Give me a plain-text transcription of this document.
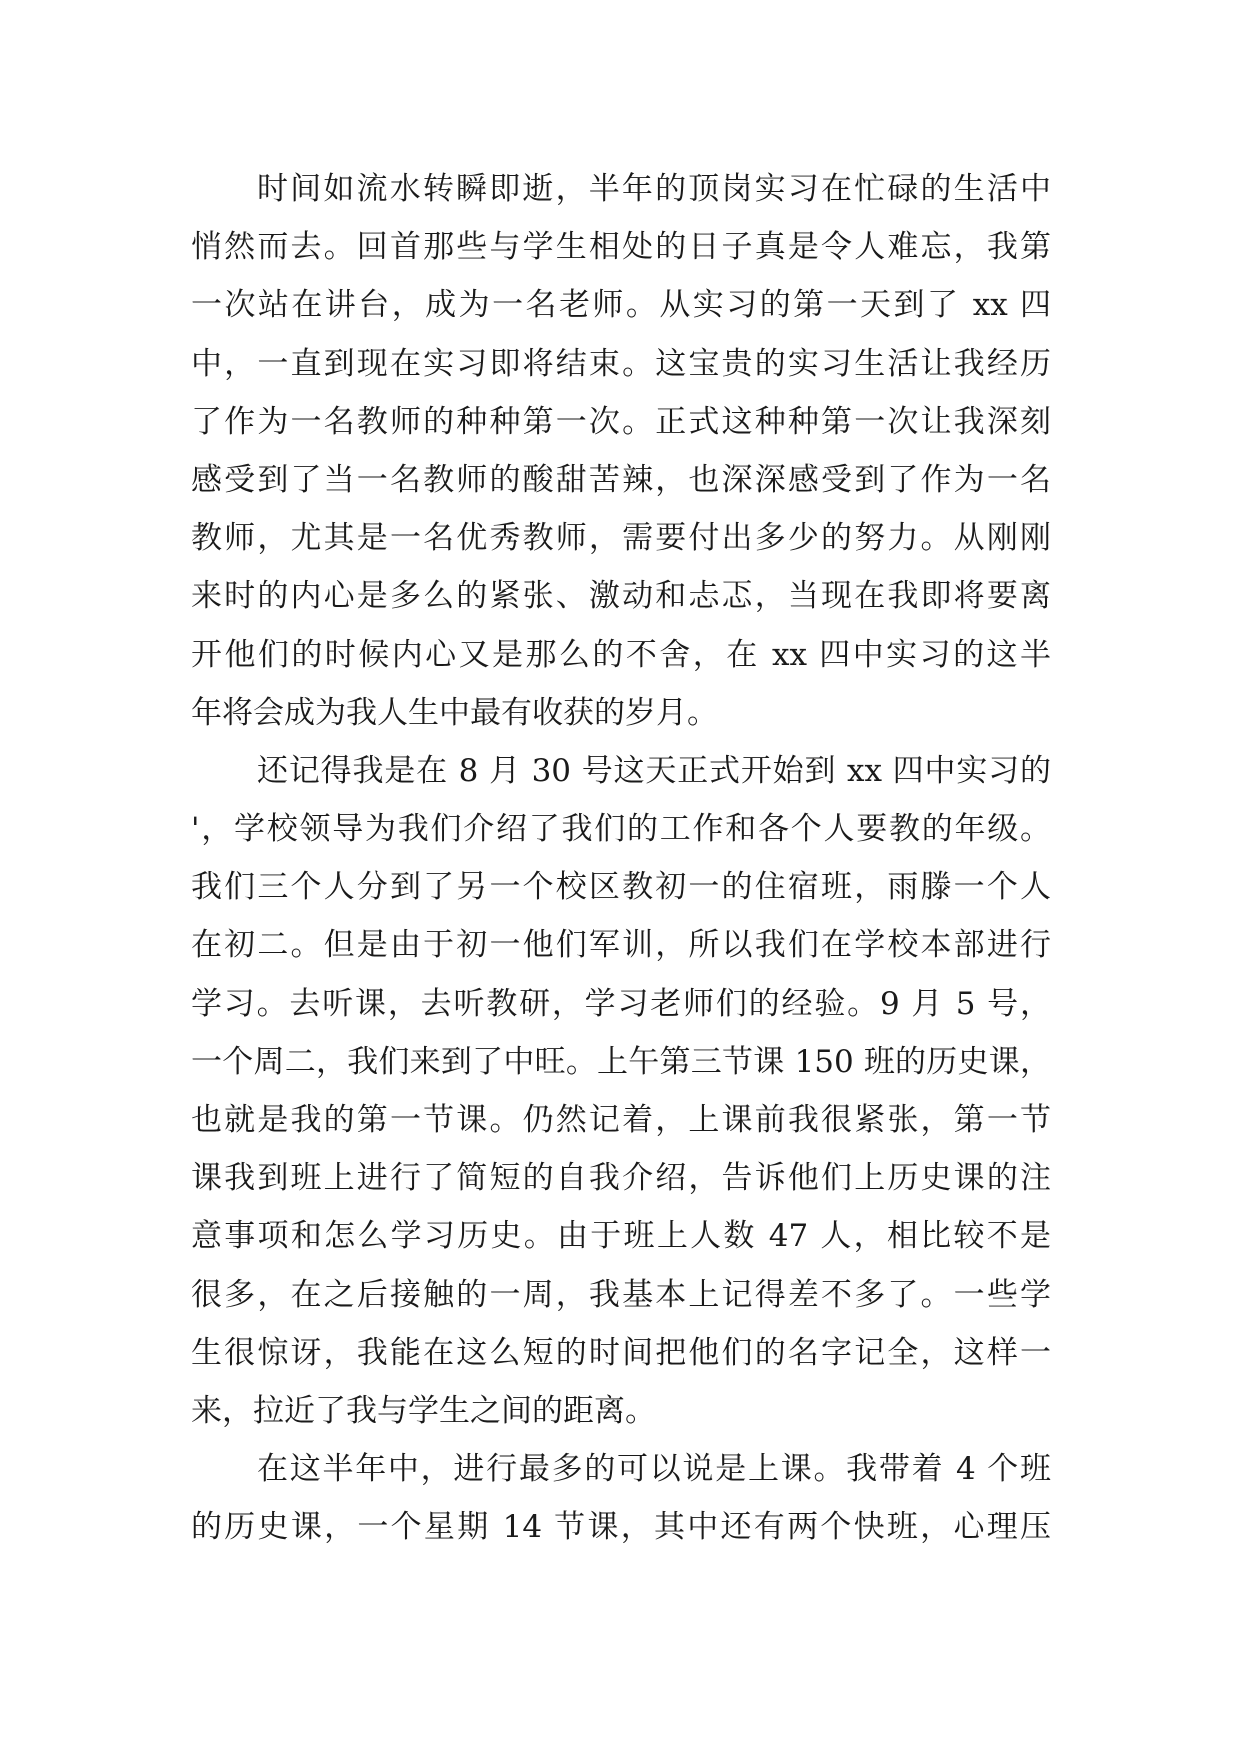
时间如流水转瞬即逝，半年的顶岗实习在忙碌的生活中
悄然而去。回首那些与学生相处的日子真是令人难忘，我第
一次站在讲台，成为一名老师。从实习的第一天到了 xx 四
中，一直到现在实习即将结束。这宝贵的实习生活让我经历
了作为一名教师的种种第一次。正式这种种第一次让我深刻
感受到了当一名教师的酸甜苦辣，也深深感受到了作为一名
教师，尤其是一名优秀教师，需要付出多少的努力。从刚刚
来时的内心是多么的紧张、激动和忐忑，当现在我即将要离
开他们的时候内心又是那么的不舍，在 xx 四中实习的这半
年将会成为我人生中最有收获的岁月。
还记得我是在 8 月 30 号这天正式开始到 xx 四中实习的
'，学校领导为我们介绍了我们的工作和各个人要教的年级。
我们三个人分到了另一个校区教初一的住宿班，雨滕一个人
在初二。但是由于初一他们军训，所以我们在学校本部进行
学习。去听课，去听教研，学习老师们的经验。9 月 5 号，
一个周二，我们来到了中旺。上午第三节课 150 班的历史课，
也就是我的第一节课。仍然记着，上课前我很紧张，第一节
课我到班上进行了简短的自我介绍，告诉他们上历史课的注
意事项和怎么学习历史。由于班上人数 47 人，相比较不是
很多，在之后接触的一周，我基本上记得差不多了。一些学
生很惊讶，我能在这么短的时间把他们的名字记全，这样一
来，拉近了我与学生之间的距离。
在这半年中，进行最多的可以说是上课。我带着 4 个班
的历史课，一个星期 14 节课，其中还有两个快班，心理压
